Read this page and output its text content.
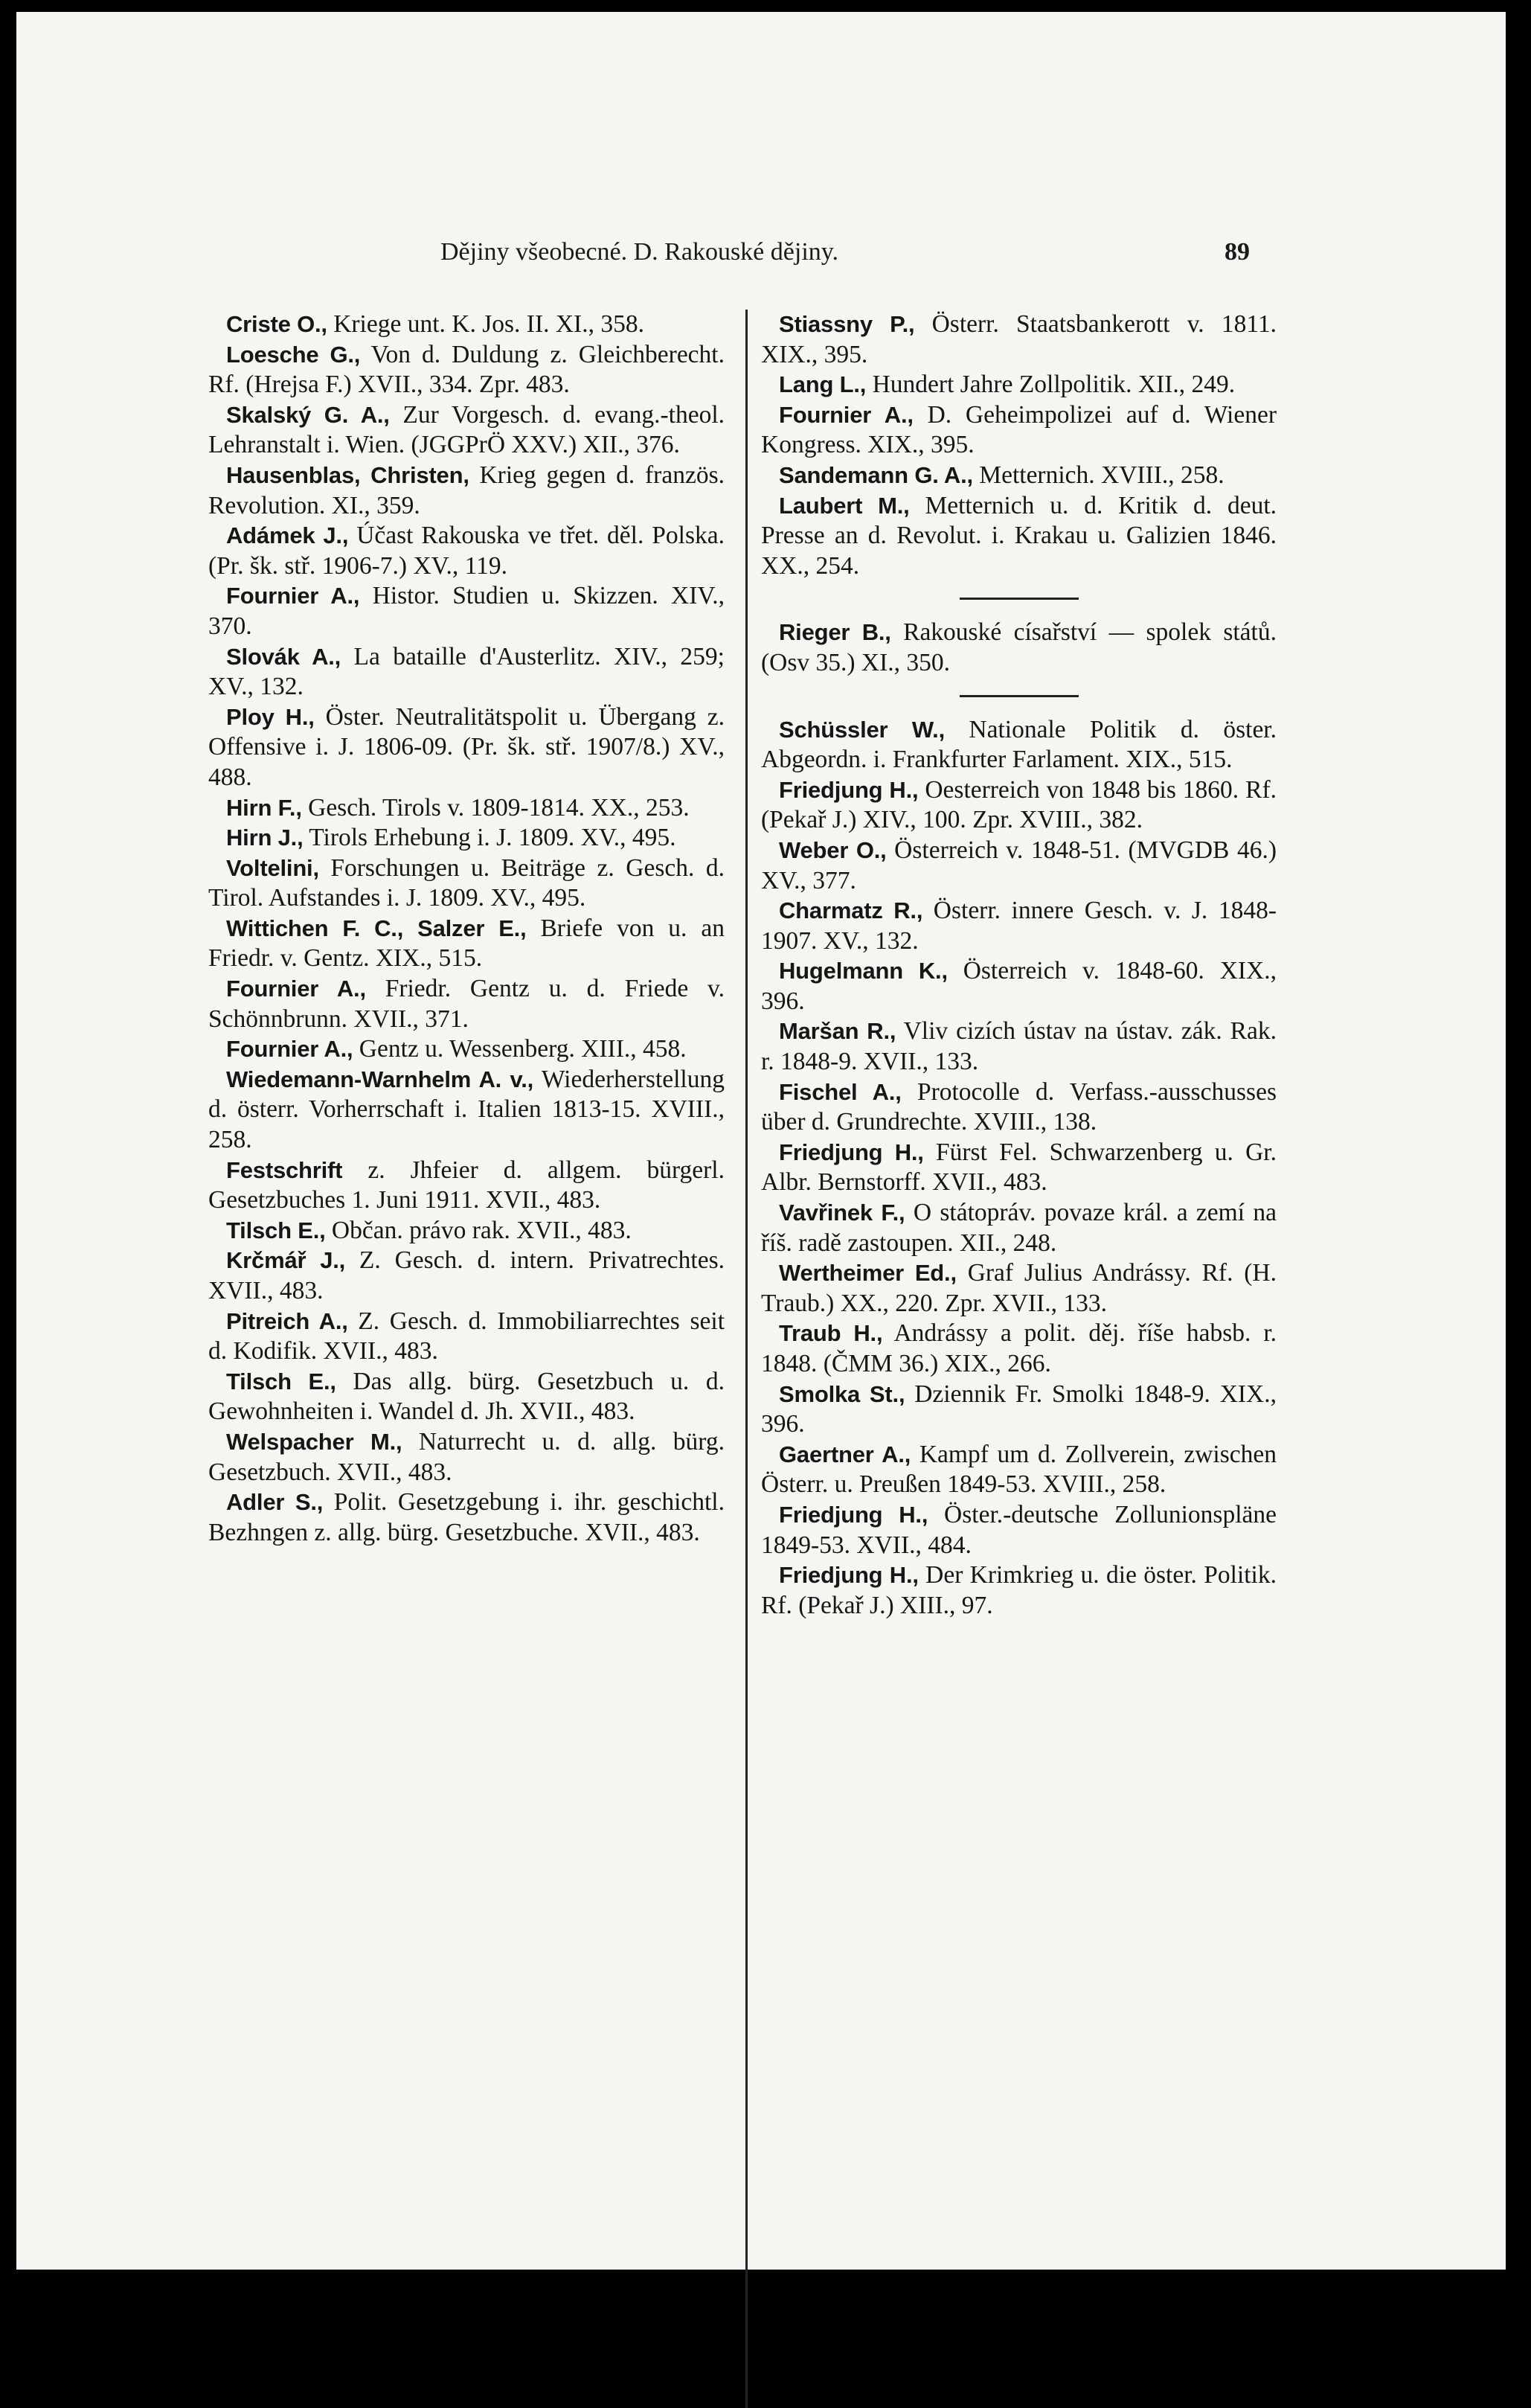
Dějiny všeobecné. D. Rakouské dějiny.	89

Criste O., Kriege unt. K. Jos. II. XI., 358.

Loesche G., Von d. Duldung z. Gleichberecht. Rf. (Hrejsa F.) XVII., 334. Zpr. 483.

Skalský G. A., Zur Vorgesch. d. evang.-theol. Lehranstalt i. Wien. (JGGPrÖ XXV.) XII., 376.

Hausenblas, Christen, Krieg gegen d. französ. Revolution. XI., 359.

Adámek J., Účast Rakouska ve třet. děl. Polska. (Pr. šk. stř. 1906-7.) XV., 119.

Fournier A., Histor. Studien u. Skizzen. XIV., 370.

Slovák A., La bataille d'Austerlitz. XIV., 259; XV., 132.

Ploy H., Öster. Neutralitätspolit u. Übergang z. Offensive i. J. 1806-09. (Pr. šk. stř. 1907/8.) XV., 488.

Hirn F., Gesch. Tirols v. 1809-1814. XX., 253.

Hirn J., Tirols Erhebung i. J. 1809. XV., 495.

Voltelini, Forschungen u. Beiträge z. Gesch. d. Tirol. Aufstandes i. J. 1809. XV., 495.

Wittichen F. C., Salzer E., Briefe von u. an Friedr. v. Gentz. XIX., 515.

Fournier A., Friedr. Gentz u. d. Friede v. Schönnbrunn. XVII., 371.

Fournier A., Gentz u. Wessenberg. XIII., 458.

Wiedemann-Warnhelm A. v., Wiederherstellung d. österr. Vorherrschaft i. Italien 1813-15. XVIII., 258.

Festschrift z. Jhfeier d. allgem. bürgerl. Gesetzbuches 1. Juni 1911. XVII., 483.

Tilsch E., Občan. právo rak. XVII., 483.

Krčmář J., Z. Gesch. d. intern. Privatrechtes. XVII., 483.

Pitreich A., Z. Gesch. d. Immobiliarrechtes seit d. Kodifik. XVII., 483.

Tilsch E., Das allg. bürg. Gesetzbuch u. d. Gewohnheiten i. Wandel d. Jh. XVII., 483.

Welspacher M., Naturrecht u. d. allg. bürg. Gesetzbuch. XVII., 483.

Adler S., Polit. Gesetzgebung i. ihr. geschichtl. Bezhngen z. allg. bürg. Gesetzbuche. XVII., 483.

Stiassny P., Österr. Staatsbankerott v. 1811. XIX., 395.

Lang L., Hundert Jahre Zollpolitik. XII., 249.

Fournier A., D. Geheimpolizei auf d. Wiener Kongress. XIX., 395.

Sandemann G. A., Metternich. XVIII., 258.

Laubert M., Metternich u. d. Kritik d. deut. Presse an d. Revolut. i. Krakau u. Galizien 1846. XX., 254.

Rieger B., Rakouské císařství — spolek států. (Osv 35.) XI., 350.

Schüssler W., Nationale Politik d. öster. Abgeordn. i. Frankfurter Farlament. XIX., 515.

Friedjung H., Oesterreich von 1848 bis 1860. Rf. (Pekař J.) XIV., 100. Zpr. XVIII., 382.

Weber O., Österreich v. 1848-51. (MVGDB 46.) XV., 377.

Charmatz R., Österr. innere Gesch. v. J. 1848-1907. XV., 132.

Hugelmann K., Österreich v. 1848-60. XIX., 396.

Maršan R., Vliv cizích ústav na ústav. zák. Rak. r. 1848-9. XVII., 133.

Fischel A., Protocolle d. Verfass.-ausschusses über d. Grundrechte. XVIII., 138.

Friedjung H., Fürst Fel. Schwarzenberg u. Gr. Albr. Bernstorff. XVII., 483.

Vavřinek F., O státopráv. povaze král. a zemí na říš. radě zastoupen. XII., 248.

Wertheimer Ed., Graf Julius Andrássy. Rf. (H. Traub.) XX., 220. Zpr. XVII., 133.

Traub H., Andrássy a polit. děj. říše habsb. r. 1848. (ČMM 36.) XIX., 266.

Smolka St., Dziennik Fr. Smolki 1848-9. XIX., 396.

Gaertner A., Kampf um d. Zollverein, zwischen Österr. u. Preußen 1849-53. XVIII., 258.

Friedjung H., Öster.-deutsche Zollunionspläne 1849-53. XVII., 484.

Friedjung H., Der Krimkrieg u. die öster. Politik. Rf. (Pekař J.) XIII., 97.
